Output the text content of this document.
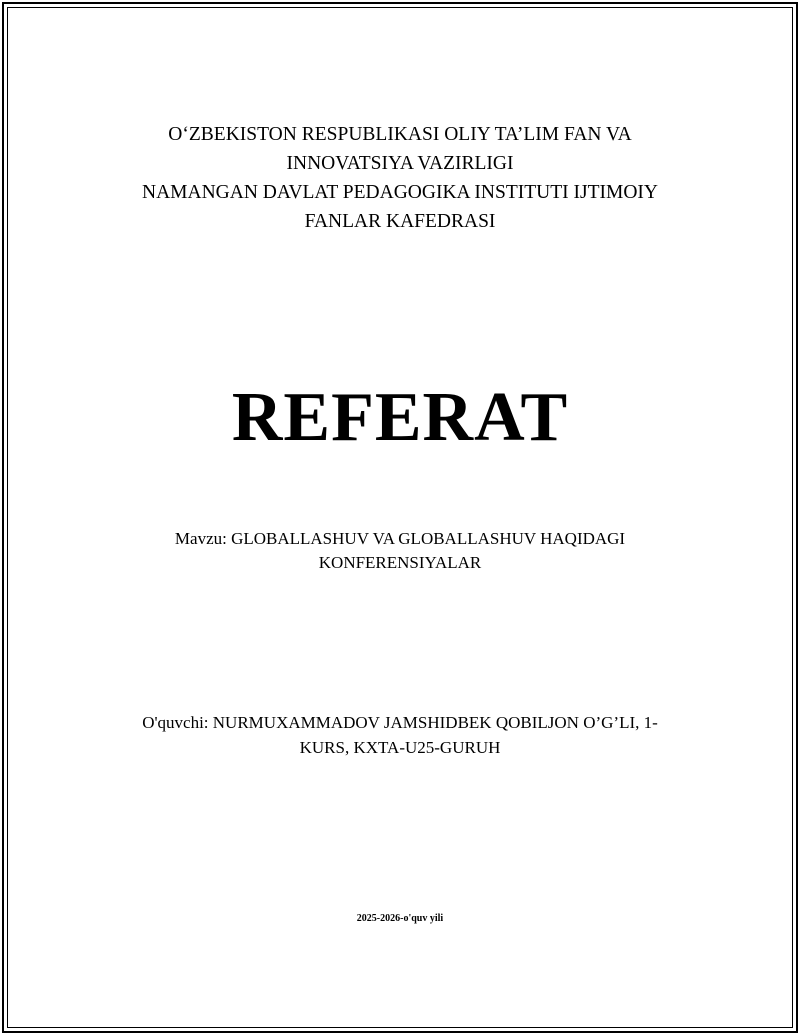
O‘ZBEKISTON RESPUBLIKASI OLIY TA’LIM FAN VA
INNOVATSIYA VAZIRLIGI
NAMANGAN DAVLAT PEDAGOGIKA INSTITUTI IJTIMOIY
FANLAR KAFEDRASI
REFERAT
Mavzu: GLOBALLASHUV VA GLOBALLASHUV HAQIDAGI
KONFERENSIYALAR
O'quvchi: NURMUXAMMADOV JAMSHIDBEK QOBILJON O’G’LI, 1-
KURS, KXTA-U25-GURUH
2025-2026-o'quv yili
